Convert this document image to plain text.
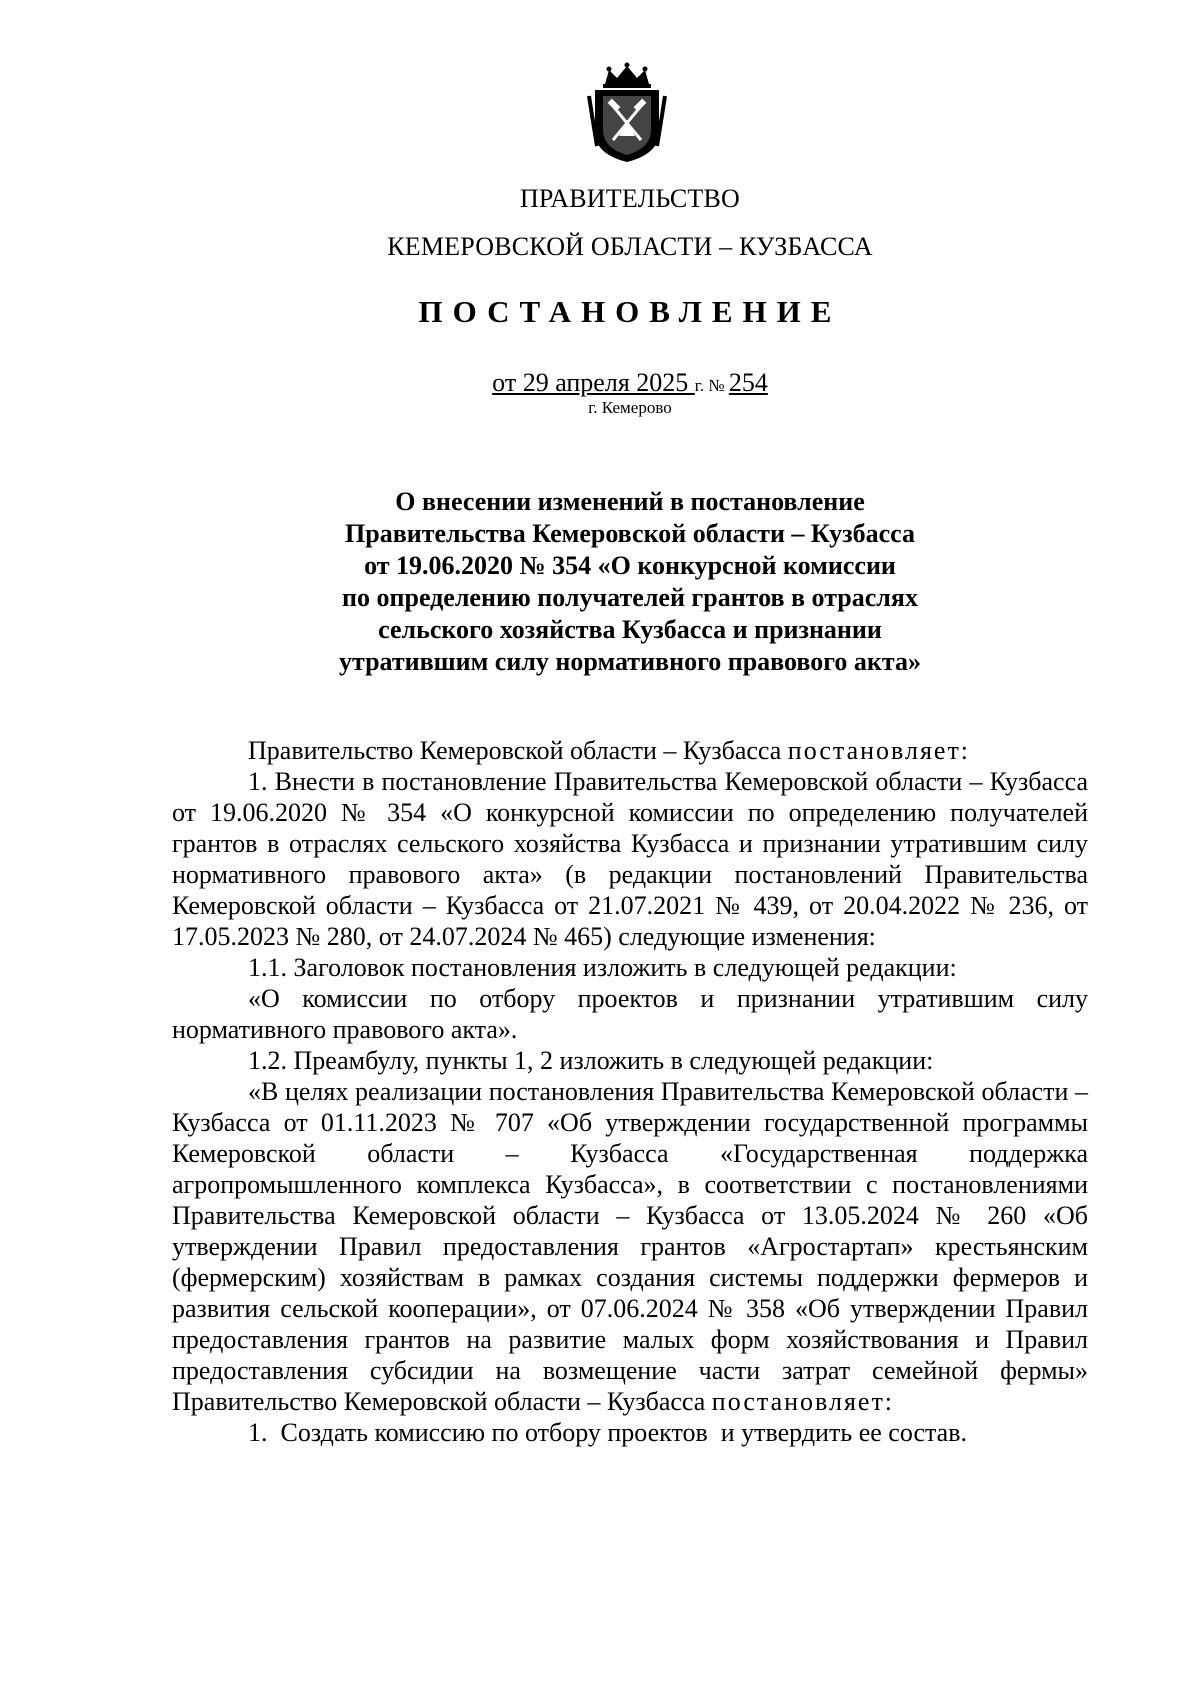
ПРАВИТЕЛЬСТВО
КЕМЕРОВСКОЙ ОБЛАСТИ – КУЗБАССА
ПОСТАНОВЛЕНИЕ
от 29 апреля 2025 г. № 254
г. Кемерово
О внесении изменений в постановление
Правительства Кемеровской области – Кузбасса
от 19.06.2020 № 354 «О конкурсной комиссии
по определению получателей грантов в отраслях
сельского хозяйства Кузбасса и признании
утратившим силу нормативного правового акта»

Правительство Кемеровской области – Кузбасса постановляет:

1. Внести в постановление Правительства Кемеровской области – Кузбасса от 19.06.2020 № 354 «О конкурсной комиссии по определению получателей грантов в отраслях сельского хозяйства Кузбасса и признании утратившим силу нормативного правового акта» (в редакции постановлений Правительства Кемеровской области – Кузбасса от 21.07.2021 № 439, от 20.04.2022 № 236, от 17.05.2023 № 280, от 24.07.2024 № 465) следующие изменения:

1.1. Заголовок постановления изложить в следующей редакции:

«О комиссии по отбору проектов и признании утратившим силу нормативного правового акта».

1.2. Преамбулу, пункты 1, 2 изложить в следующей редакции:

«В целях реализации постановления Правительства Кемеровской области – Кузбасса от 01.11.2023 № 707 «Об утверждении государственной программы Кемеровской области – Кузбасса «Государственная поддержка агропромышленного комплекса Кузбасса», в соответствии с постановлениями Правительства Кемеровской области – Кузбасса от 13.05.2024 № 260 «Об утверждении Правил предоставления грантов «Агростартап» крестьянским (фермерским) хозяйствам в рамках создания системы поддержки фермеров и развития сельской кооперации», от 07.06.2024 № 358 «Об утверждении Правил предоставления грантов на развитие малых форм хозяйствования и Правил предоставления субсидии на возмещение части затрат семейной фермы» Правительство Кемеровской области – Кузбасса постановляет:

1.  Создать комиссию по отбору проектов  и утвердить ее состав.
